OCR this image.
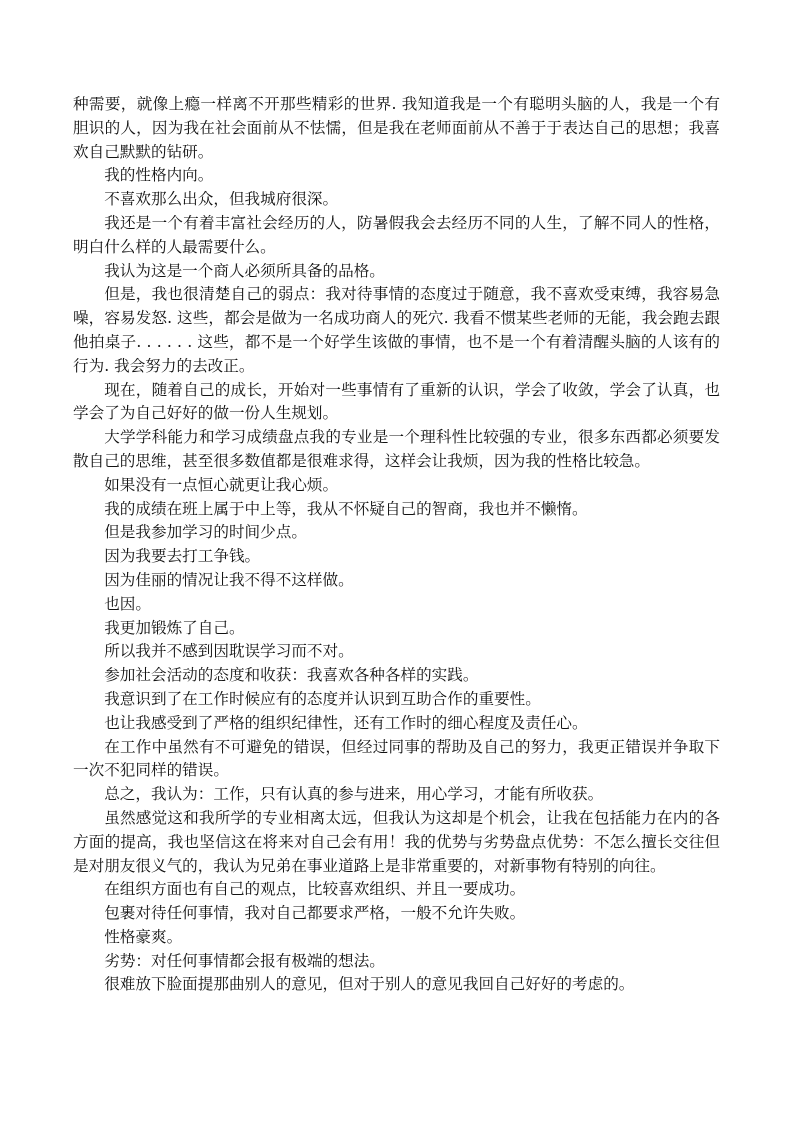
种需要，就像上瘾一样离不开那些精彩的世界. 我知道我是一个有聪明头脑的人，我是一个有胆识的人，因为我在社会面前从不怯懦，但是我在老师面前从不善于于表达自己的思想；我喜欢自己默默的钻研。

我的性格内向。

不喜欢那么出众，但我城府很深。

我还是一个有着丰富社会经历的人，防暑假我会去经历不同的人生，了解不同人的性格，明白什么样的人最需要什么。

我认为这是一个商人必须所具备的品格。

但是，我也很清楚自己的弱点：我对待事情的态度过于随意，我不喜欢受束缚，我容易急噪，容易发怒. 这些，都会是做为一名成功商人的死穴. 我看不惯某些老师的无能，我会跑去跟他拍桌子. . . . . . 这些，都不是一个好学生该做的事情，也不是一个有着清醒头脑的人该有的行为. 我会努力的去改正。

现在，随着自己的成长，开始对一些事情有了重新的认识，学会了收敛，学会了认真，也学会了为自己好好的做一份人生规划。

大学学科能力和学习成绩盘点我的专业是一个理科性比较强的专业，很多东西都必须要发散自己的思维，甚至很多数值都是很难求得，这样会让我烦，因为我的性格比较急。

如果没有一点恒心就更让我心烦。

我的成绩在班上属于中上等，我从不怀疑自己的智商，我也并不懒惰。

但是我参加学习的时间少点。

因为我要去打工争钱。

因为佳丽的情况让我不得不这样做。

也因。

我更加锻炼了自己。

所以我并不感到因耽误学习而不对。

参加社会活动的态度和收获：我喜欢各种各样的实践。

我意识到了在工作时候应有的态度并认识到互助合作的重要性。

也让我感受到了严格的组织纪律性，还有工作时的细心程度及责任心。

在工作中虽然有不可避免的错误，但经过同事的帮助及自己的努力，我更正错误并争取下一次不犯同样的错误。

总之，我认为：工作，只有认真的参与进来，用心学习，才能有所收获。

虽然感觉这和我所学的专业相离太远，但我认为这却是个机会，让我在包括能力在内的各方面的提高，我也坚信这在将来对自己会有用！我的优势与劣势盘点优势：不怎么擅长交往但是对朋友很义气的，我认为兄弟在事业道路上是非常重要的，对新事物有特别的向往。

在组织方面也有自己的观点，比较喜欢组织、并且一要成功。

包裹对待任何事情，我对自己都要求严格，一般不允许失败。

性格豪爽。

劣势：对任何事情都会报有极端的想法。

很难放下脸面提那曲别人的意见，但对于别人的意见我回自己好好的考虑的。
